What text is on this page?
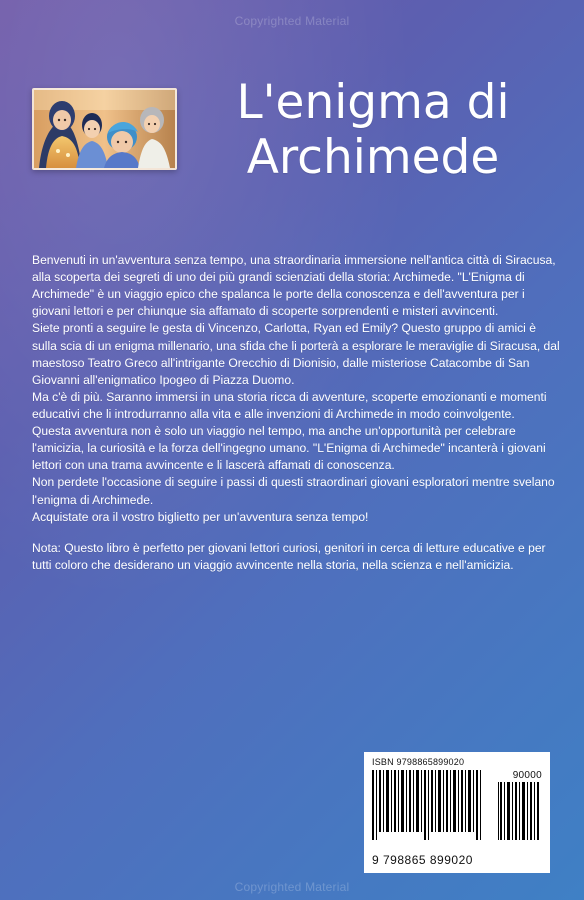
Copyrighted Material
L'enigma di
Archimede

Benvenuti in un'avventura senza tempo, una straordinaria immersione nell'antica città di Siracusa, alla scoperta dei segreti di uno dei più grandi scienziati della storia: Archimede. "L'Enigma di Archimede" è un viaggio epico che spalanca le porte della conoscenza e dell'avventura per i giovani lettori e per chiunque sia affamato di scoperte sorprendenti e misteri avvincenti.

Siete pronti a seguire le gesta di Vincenzo, Carlotta, Ryan ed Emily? Questo gruppo di amici è sulla scia di un enigma millenario, una sfida che li porterà a esplorare le meraviglie di Siracusa, dal maestoso Teatro Greco all'intrigante Orecchio di Dionisio, dalle misteriose Catacombe di San Giovanni all'enigmatico Ipogeo di Piazza Duomo.

Ma c'è di più. Saranno immersi in una storia ricca di avventure, scoperte emozionanti e momenti educativi che li introdurranno alla vita e alle invenzioni di Archimede in modo coinvolgente.

Questa avventura non è solo un viaggio nel tempo, ma anche un'opportunità per celebrare l'amicizia, la curiosità e la forza dell'ingegno umano. "L'Enigma di Archimede" incanterà i giovani lettori con una trama avvincente e li lascerà affamati di conoscenza.

Non perdete l'occasione di seguire i passi di questi straordinari giovani esploratori mentre svelano l'enigma di Archimede.

Acquistate ora il vostro biglietto per un'avventura senza tempo!

Nota: Questo libro è perfetto per giovani lettori curiosi, genitori in cerca di letture educative e per tutti coloro che desiderano un viaggio avvincente nella storia, nella scienza e nell'amicizia.

ISBN 9798865899020
90000
9 798865 899020
Copyrighted Material
